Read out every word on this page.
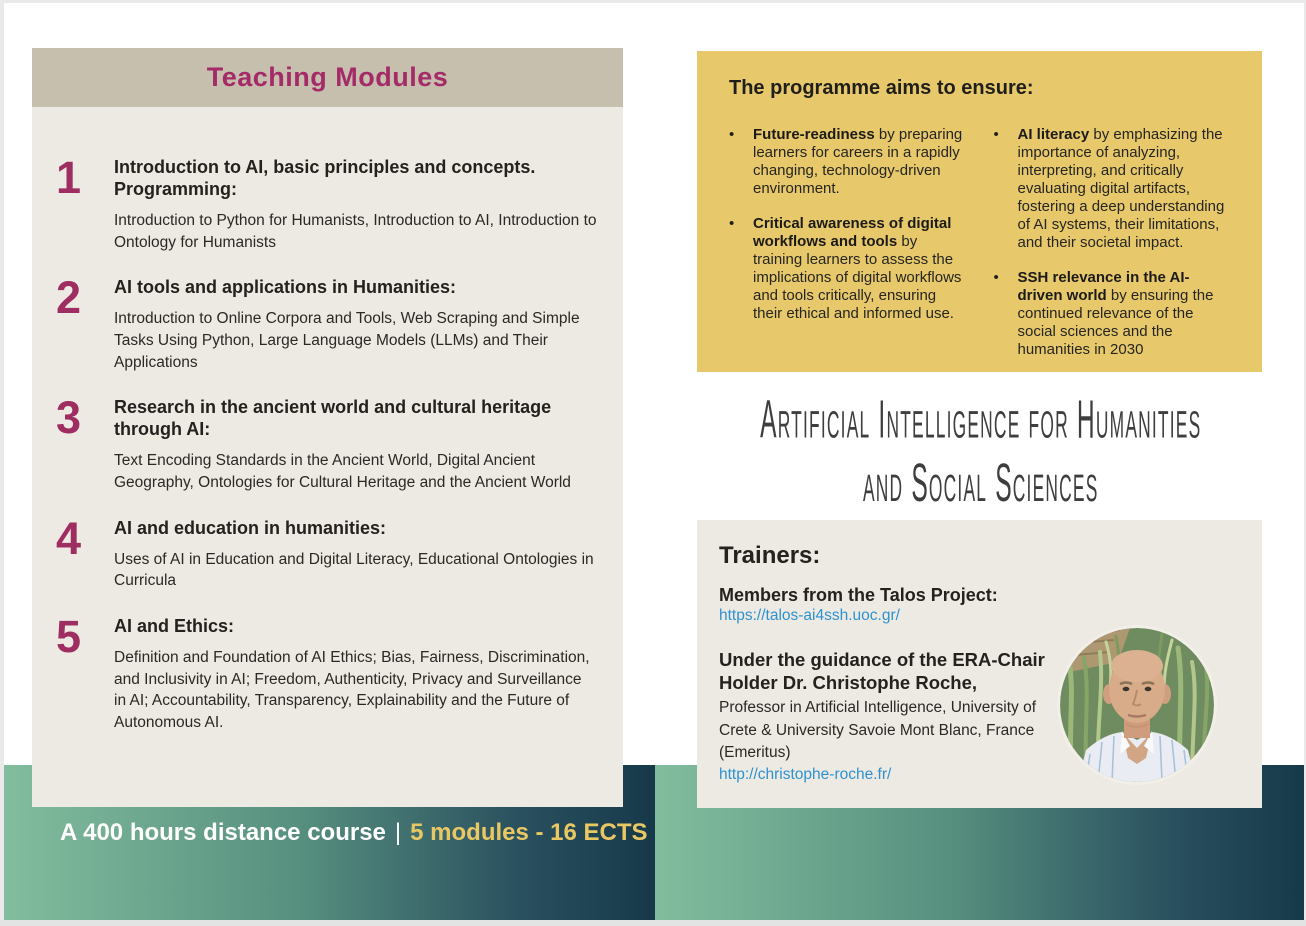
A 400 hours distance course | 5 modules - 16 ECTS
Teaching Modules
1	Introduction to AI, basic principles and concepts. Programming:
Introduction to Python for Humanists, Introduction to AI, Introduction to Ontology for Humanists
2	AI tools and applications in Humanities:
Introduction to Online Corpora and Tools, Web Scraping and Simple Tasks Using Python, Large Language Models (LLMs) and Their Applications
3	Research in the ancient world and cultural heritage through AI:
Text Encoding Standards in the Ancient World, Digital Ancient Geography, Ontologies for Cultural Heritage and the Ancient World
4	AI and education in humanities:
Uses of AI in Education and Digital Literacy, Educational Ontologies in Curricula
5	AI and Ethics:
Definition and Foundation of AI Ethics; Bias, Fairness, Discrimination, and Inclusivity in AI; Freedom, Authenticity, Privacy and Surveillance in AI; Accountability, Transparency, Explainability and the Future of Autonomous AI.
The programme aims to ensure:
•	Future-readiness by preparing learners for careers in a rapidly changing, technology-driven environment.

•	Critical awareness of digital workflows and tools by training learners to assess the implications of digital workflows and tools critically, ensuring their ethical and informed use.

•	AI literacy by emphasizing the importance of analyzing, interpreting, and critically evaluating digital artifacts, fostering a deep understanding of AI systems, their limitations, and their societal impact.

•	SSH relevance in the AI-driven world by ensuring the continued relevance of the social sciences and the humanities in 2030

Artificial Intelligence for Humanities
and Social Sciences
Trainers:

Members from the Talos Project:

https://talos-ai4ssh.uoc.gr/

Under the guidance of the ERA-Chair Holder Dr. Christophe Roche,

Professor in Artificial Intelligence, University of Crete & University Savoie Mont Blanc, France (Emeritus)

http://christophe-roche.fr/
